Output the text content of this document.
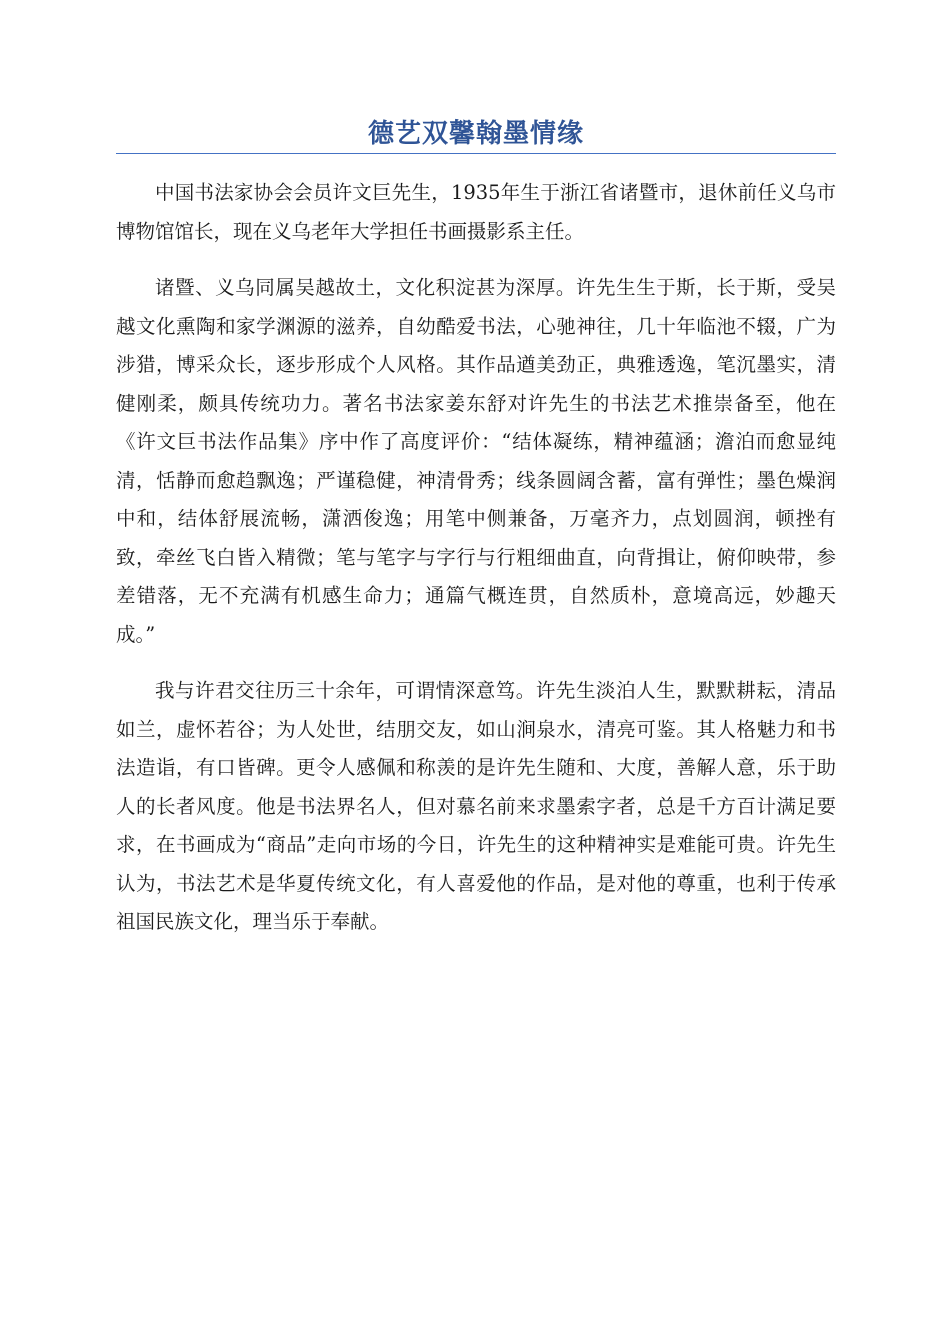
德艺双馨翰墨情缘

中国书法家协会会员许文巨先生，1935年生于浙江省诸暨市，退休前任义乌市博物馆馆长，现在义乌老年大学担任书画摄影系主任。

诸暨、义乌同属吴越故土，文化积淀甚为深厚。许先生生于斯，长于斯，受吴越文化熏陶和家学渊源的滋养，自幼酷爱书法，心驰神往，几十年临池不辍，广为涉猎，博采众长，逐步形成个人风格。其作品遒美劲正，典雅透逸，笔沉墨实，清健刚柔，颇具传统功力。著名书法家姜东舒对许先生的书法艺术推崇备至，他在《许文巨书法作品集》序中作了高度评价：“结体凝练，精神蕴涵；澹泊而愈显纯清，恬静而愈趋飘逸；严谨稳健，神清骨秀；线条圆阔含蓄，富有弹性；墨色燥润中和，结体舒展流畅，潇洒俊逸；用笔中侧兼备，万毫齐力，点划圆润，顿挫有致，牵丝飞白皆入精微；笔与笔字与字行与行粗细曲直，向背揖让，俯仰映带，参差错落，无不充满有机感生命力；通篇气概连贯，自然质朴，意境高远，妙趣天成。”

我与许君交往历三十余年，可谓情深意笃。许先生淡泊人生，默默耕耘，清品如兰，虚怀若谷；为人处世，结朋交友，如山涧泉水，清亮可鉴。其人格魅力和书法造诣，有口皆碑。更令人感佩和称羡的是许先生随和、大度，善解人意，乐于助人的长者风度。他是书法界名人，但对慕名前来求墨索字者，总是千方百计满足要求，在书画成为“商品”走向市场的今日，许先生的这种精神实是难能可贵。许先生认为，书法艺术是华夏传统文化，有人喜爱他的作品，是对他的尊重，也利于传承祖国民族文化，理当乐于奉献。
